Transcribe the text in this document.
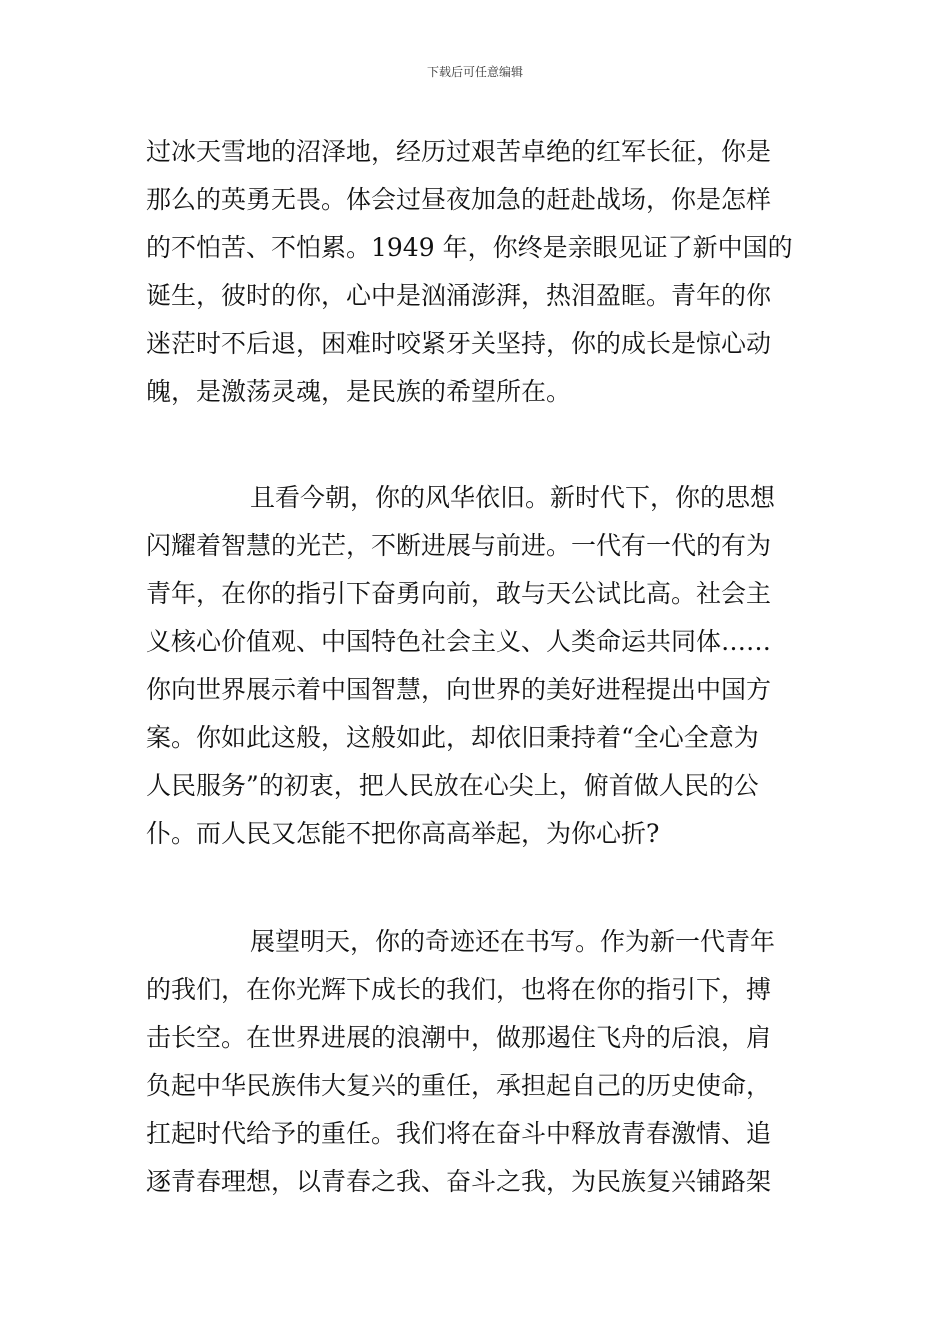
下载后可任意编辑
过冰天雪地的沼泽地，经历过艰苦卓绝的红军长征，你是
那么的英勇无畏。体会过昼夜加急的赶赴战场，你是怎样
的不怕苦、不怕累。1949 年，你终是亲眼见证了新中国的
诞生，彼时的你，心中是汹涌澎湃，热泪盈眶。青年的你
迷茫时不后退，困难时咬紧牙关坚持，你的成长是惊心动
魄，是激荡灵魂，是民族的希望所在。
且看今朝，你的风华依旧。新时代下，你的思想
闪耀着智慧的光芒，不断进展与前进。一代有一代的有为
青年，在你的指引下奋勇向前，敢与天公试比高。社会主
义核心价值观、中国特色社会主义、人类命运共同体……
你向世界展示着中国智慧，向世界的美好进程提出中国方
案。你如此这般，这般如此，却依旧秉持着“全心全意为
人民服务”的初衷，把人民放在心尖上，俯首做人民的公
仆。而人民又怎能不把你高高举起，为你心折?
展望明天，你的奇迹还在书写。作为新一代青年
的我们，在你光辉下成长的我们，也将在你的指引下，搏
击长空。在世界进展的浪潮中，做那遏住飞舟的后浪，肩
负起中华民族伟大复兴的重任，承担起自己的历史使命，
扛起时代给予的重任。我们将在奋斗中释放青春激情、追
逐青春理想，以青春之我、奋斗之我，为民族复兴铺路架
